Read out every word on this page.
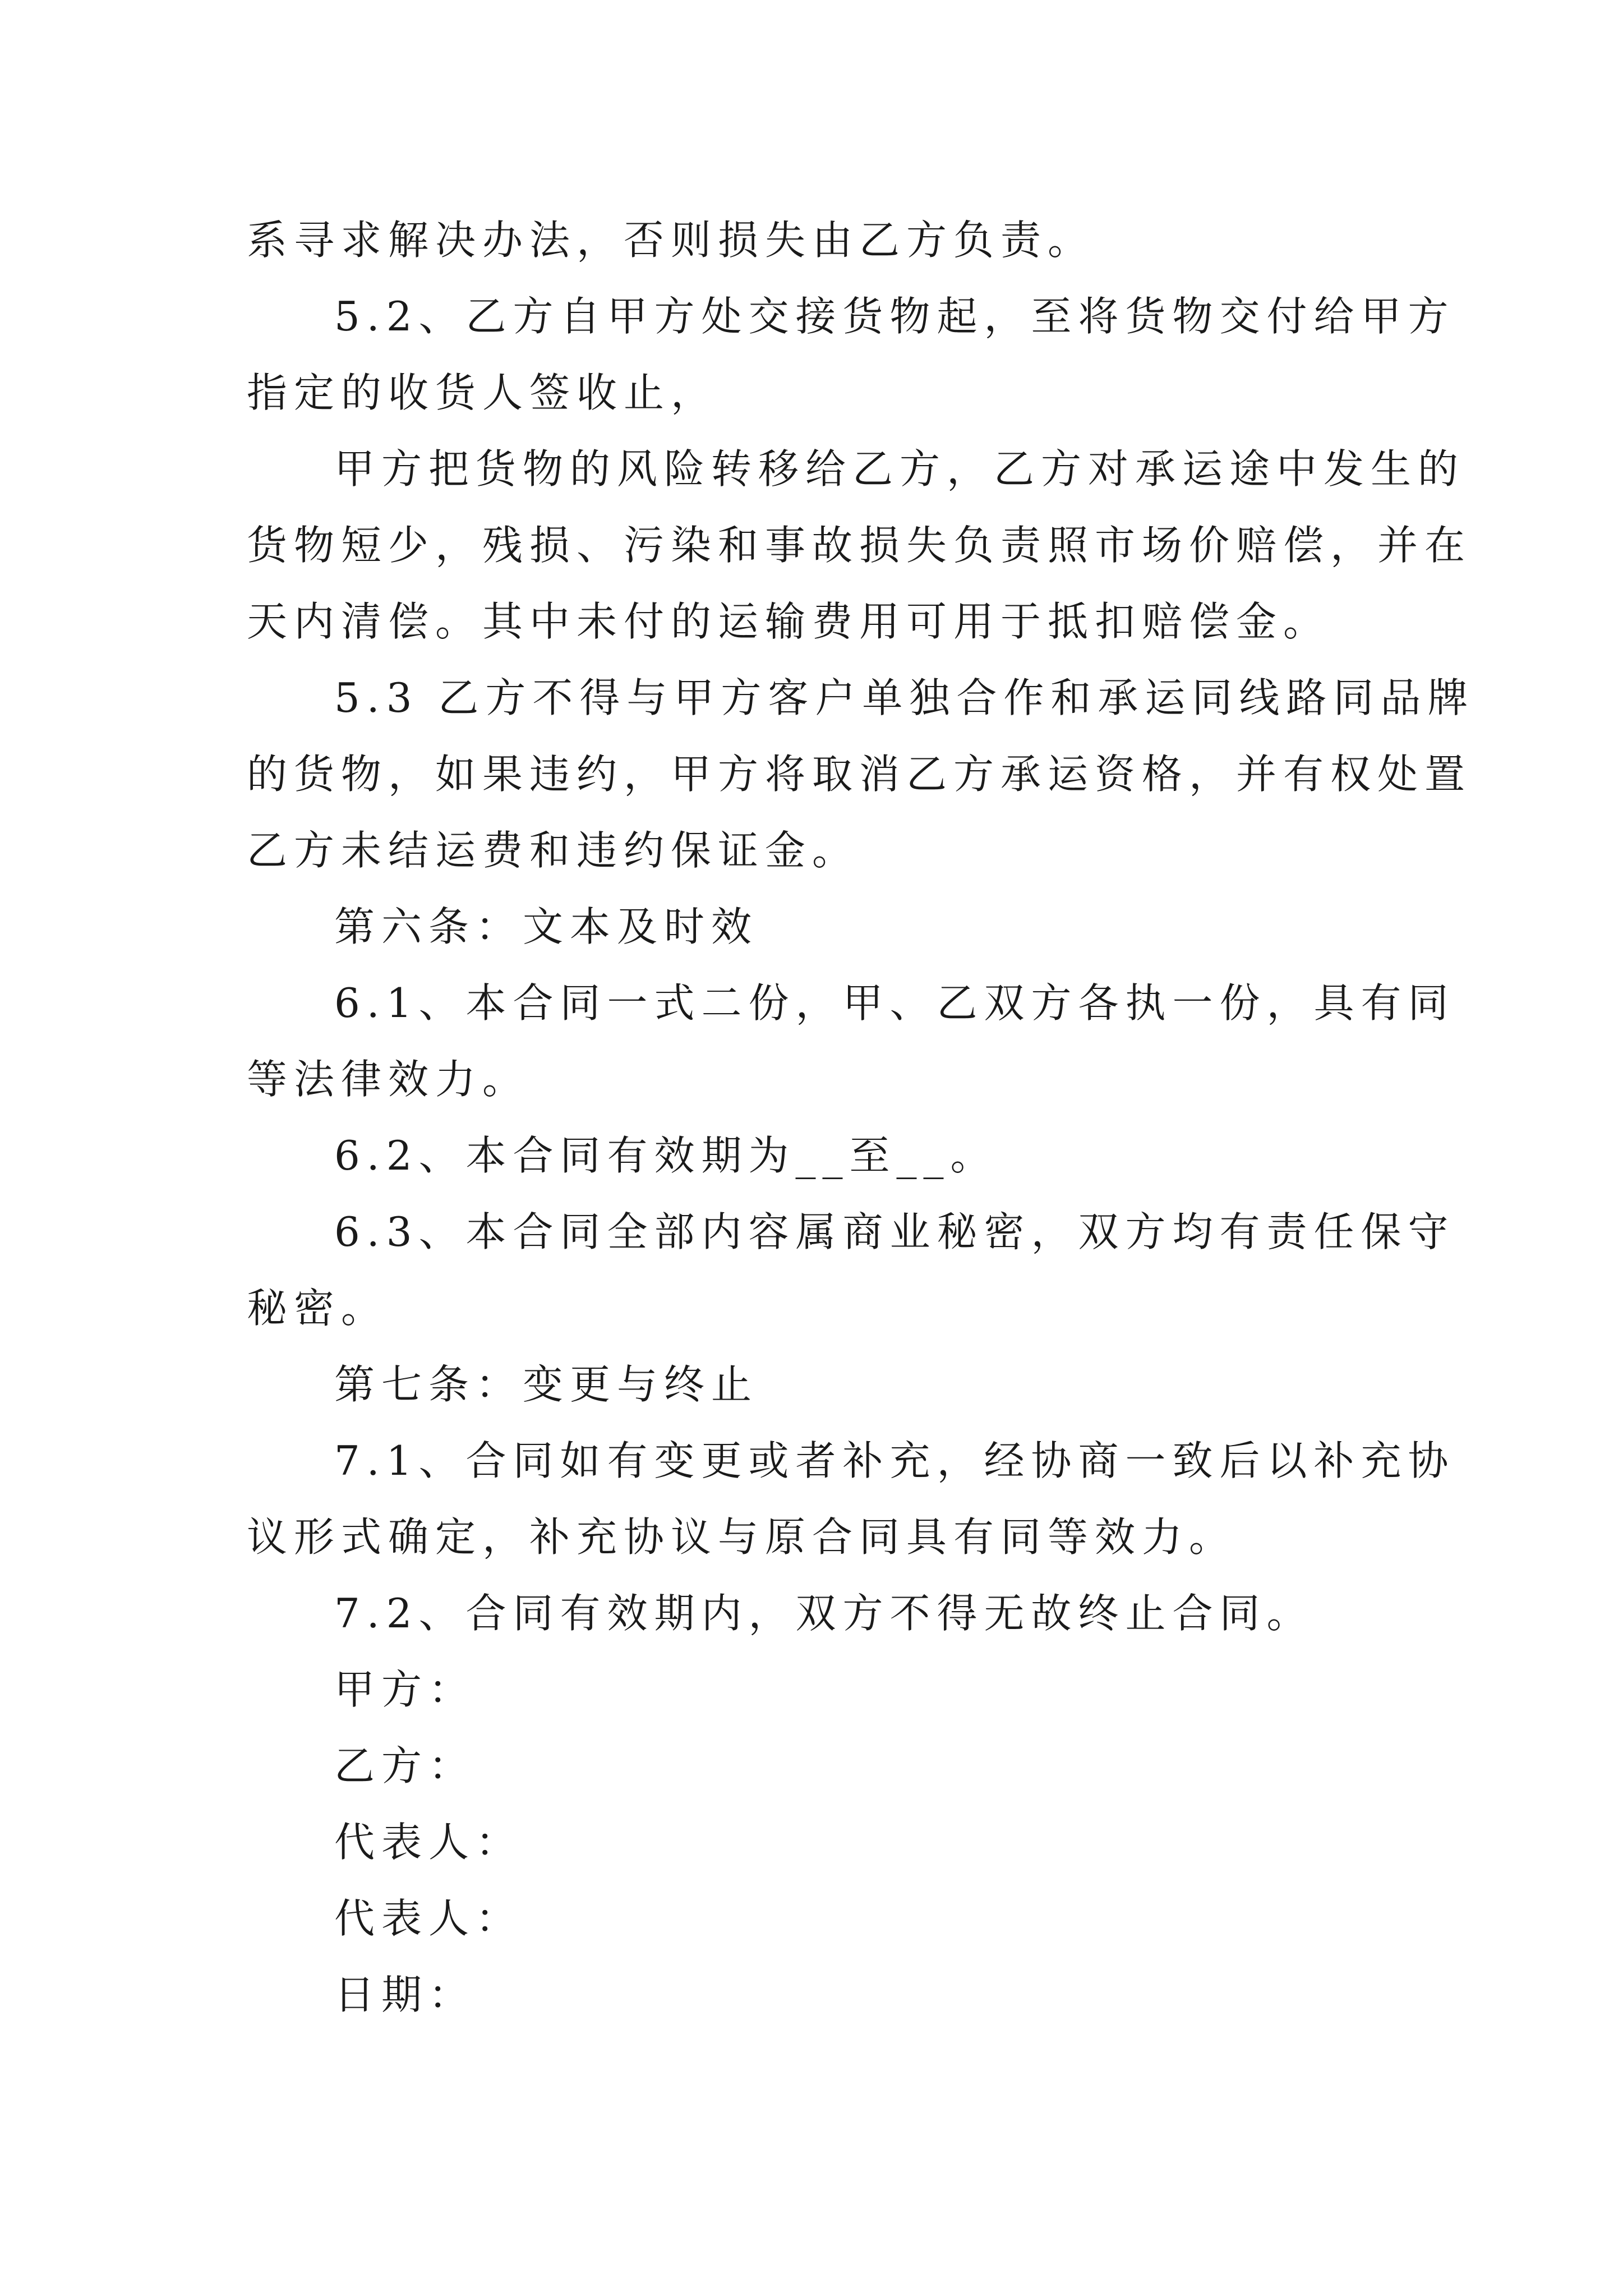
系寻求解决办法，否则损失由乙方负责。
5.2、乙方自甲方处交接货物起，至将货物交付给甲方
指定的收货人签收止，
甲方把货物的风险转移给乙方，乙方对承运途中发生的
货物短少，残损、污染和事故损失负责照市场价赔偿，并在
天内清偿。其中未付的运输费用可用于抵扣赔偿金。
5.3 乙方不得与甲方客户单独合作和承运同线路同品牌
的货物，如果违约，甲方将取消乙方承运资格，并有权处置
乙方未结运费和违约保证金。
第六条：文本及时效
6.1、本合同一式二份，甲、乙双方各执一份，具有同
等法律效力。
6.2、本合同有效期为__至__。
6.3、本合同全部内容属商业秘密，双方均有责任保守
秘密。
第七条：变更与终止
7.1、合同如有变更或者补充，经协商一致后以补充协
议形式确定，补充协议与原合同具有同等效力。
7.2、合同有效期内，双方不得无故终止合同。
甲方：
乙方：
代表人：
代表人：
日期：
